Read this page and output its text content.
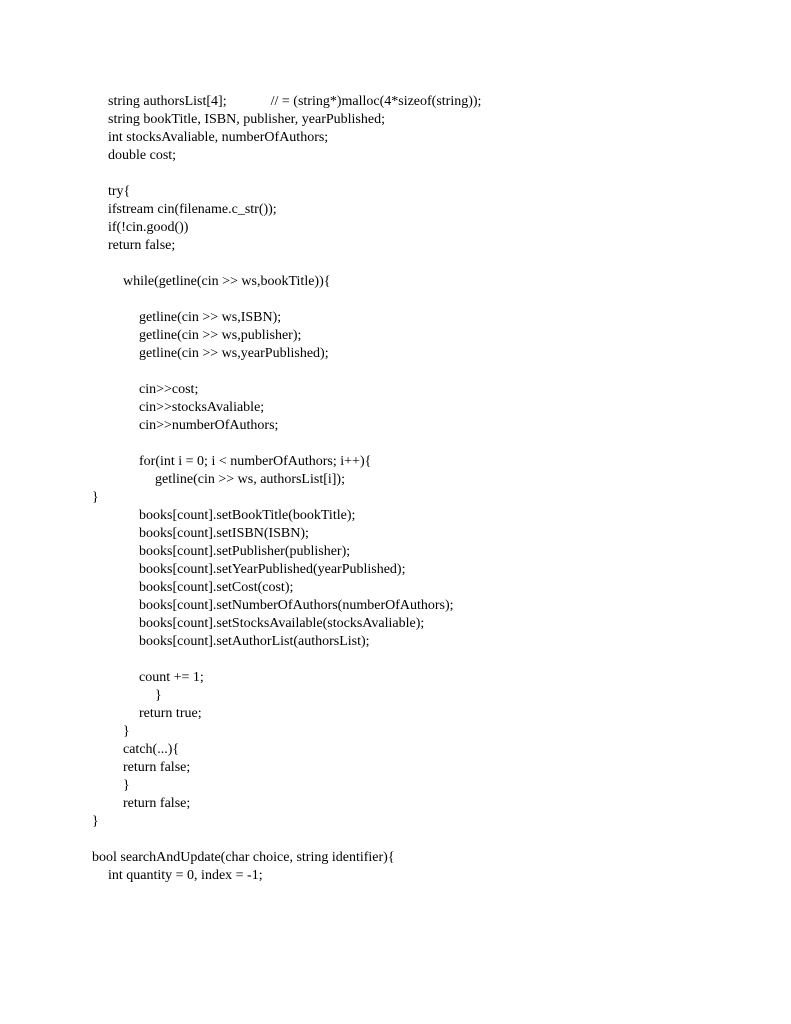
string authorsList[4];	// = (string*)malloc(4*sizeof(string));
string bookTitle, ISBN, publisher, yearPublished;
int stocksAvaliable, numberOfAuthors;
double cost;
try{
ifstream cin(filename.c_str());
if(!cin.good())
return false;
while(getline(cin >> ws,bookTitle)){
getline(cin >> ws,ISBN);
getline(cin >> ws,publisher);
getline(cin >> ws,yearPublished);
cin>>cost;
cin>>stocksAvaliable;
cin>>numberOfAuthors;
for(int i = 0; i < numberOfAuthors; i++){
getline(cin >> ws, authorsList[i]);
}
books[count].setBookTitle(bookTitle);
books[count].setISBN(ISBN);
books[count].setPublisher(publisher);
books[count].setYearPublished(yearPublished);
books[count].setCost(cost);
books[count].setNumberOfAuthors(numberOfAuthors);
books[count].setStocksAvailable(stocksAvaliable);
books[count].setAuthorList(authorsList);
count += 1;
}
return true;
}
catch(...){
return false;
}
return false;
}
bool searchAndUpdate(char choice, string identifier){
int quantity = 0, index = -1;
